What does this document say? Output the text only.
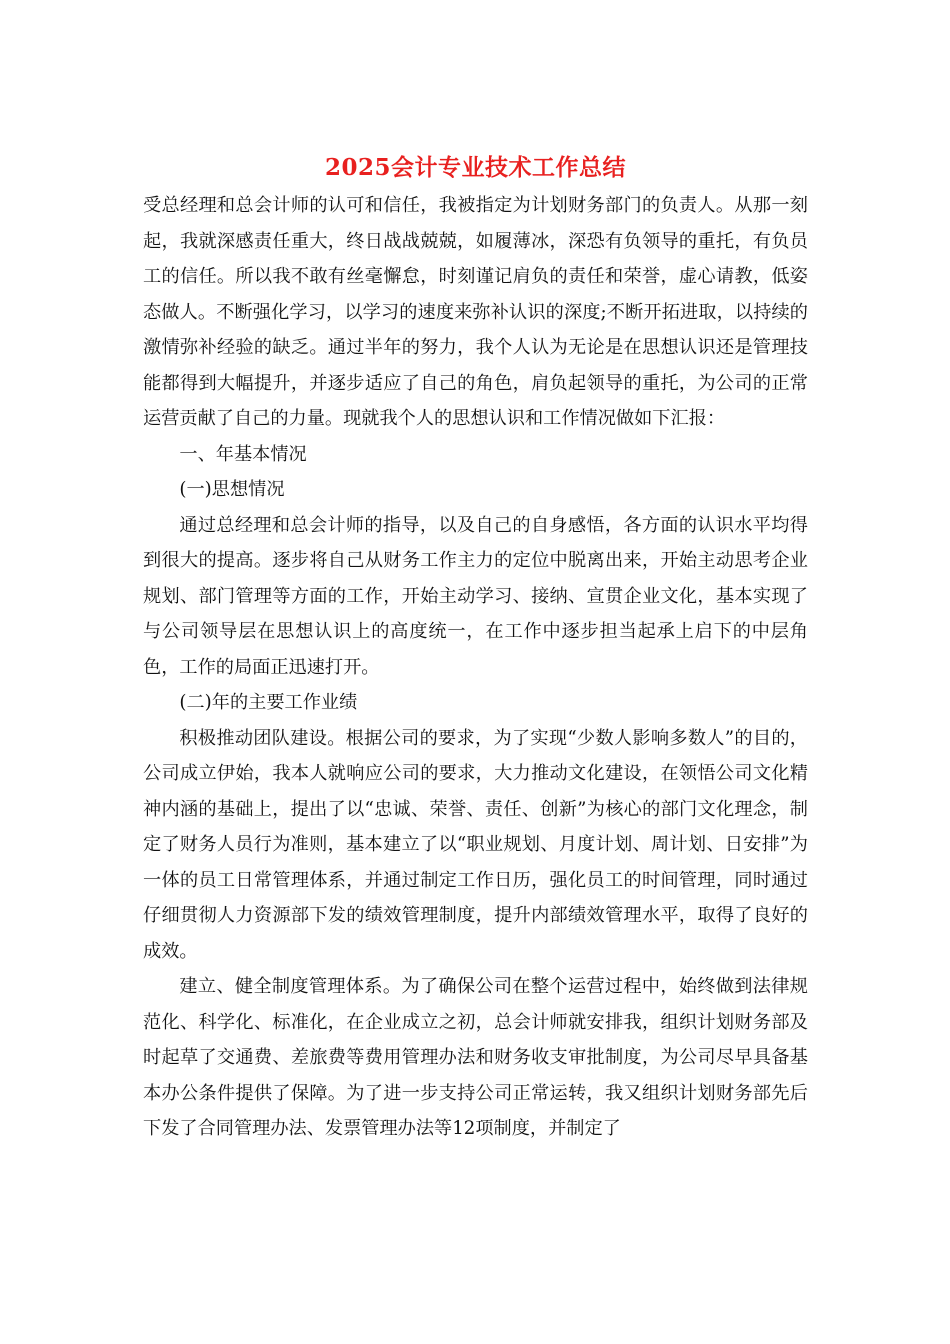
2025会计专业技术工作总结

受总经理和总会计师的认可和信任，我被指定为计划财务部门的负责人。从那一刻起，我就深感责任重大，终日战战兢兢，如履薄冰，深恐有负领导的重托，有负员工的信任。所以我不敢有丝毫懈怠，时刻谨记肩负的责任和荣誉，虚心请教，低姿态做人。不断强化学习，以学习的速度来弥补认识的深度;不断开拓进取，以持续的激情弥补经验的缺乏。通过半年的努力，我个人认为无论是在思想认识还是管理技能都得到大幅提升，并逐步适应了自己的角色，肩负起领导的重托，为公司的正常运营贡献了自己的力量。现就我个人的思想认识和工作情况做如下汇报：

一、年基本情况

(一)思想情况

通过总经理和总会计师的指导，以及自己的自身感悟，各方面的认识水平均得到很大的提高。逐步将自己从财务工作主力的定位中脱离出来，开始主动思考企业规划、部门管理等方面的工作，开始主动学习、接纳、宣贯企业文化，基本实现了与公司领导层在思想认识上的高度统一，在工作中逐步担当起承上启下的中层角色，工作的局面正迅速打开。

(二)年的主要工作业绩

积极推动团队建设。根据公司的要求，为了实现“少数人影响多数人”的目的，公司成立伊始，我本人就响应公司的要求，大力推动文化建设，在领悟公司文化精神内涵的基础上，提出了以“忠诚、荣誉、责任、创新”为核心的部门文化理念，制定了财务人员行为准则，基本建立了以“职业规划、月度计划、周计划、日安排”为一体的员工日常管理体系，并通过制定工作日历，强化员工的时间管理，同时通过仔细贯彻人力资源部下发的绩效管理制度，提升内部绩效管理水平，取得了良好的成效。

建立、健全制度管理体系。为了确保公司在整个运营过程中，始终做到法律规范化、科学化、标准化，在企业成立之初，总会计师就安排我，组织计划财务部及时起草了交通费、差旅费等费用管理办法和财务收支审批制度，为公司尽早具备基本办公条件提供了保障。为了进一步支持公司正常运转，我又组织计划财务部先后下发了合同管理办法、发票管理办法等12项制度，并制定了
